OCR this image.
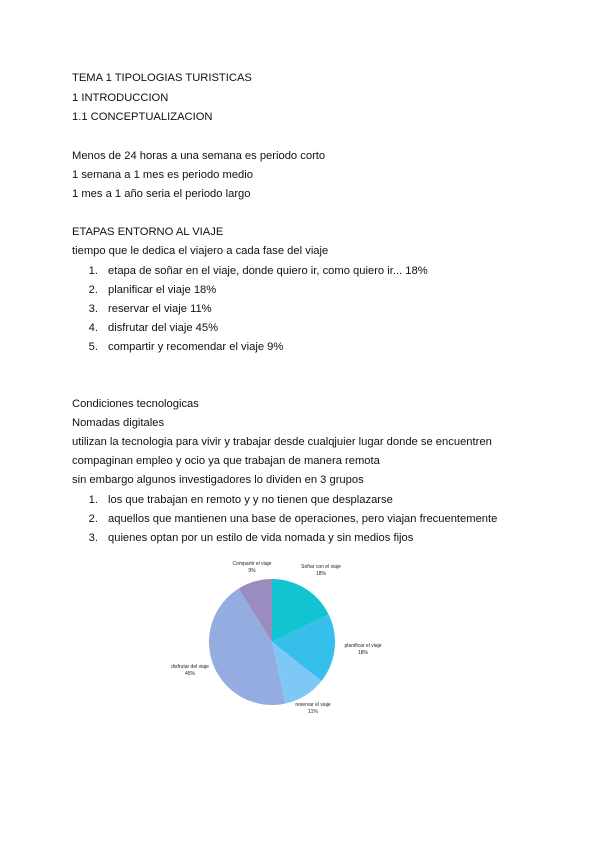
TEMA 1 TIPOLOGIAS TURISTICAS
1 INTRODUCCION
1.1 CONCEPTUALIZACION
Menos de 24 horas a una semana es periodo corto
1 semana a 1 mes es periodo medio
1 mes a 1 año seria el periodo largo
ETAPAS ENTORNO AL VIAJE
tiempo que le dedica el viajero a cada fase del viaje
1. etapa de soñar en el viaje, donde quiero ir, como quiero ir... 18%
2. planificar el viaje 18%
3. reservar el viaje 11%
4. disfrutar del viaje 45%
5. compartir y recomendar el viaje 9%
Condiciones tecnologicas
Nomadas digitales
utilizan la tecnologia para vivir y trabajar desde cualqjuier lugar donde se encuentren
compaginan empleo y ocio ya que trabajan de manera remota
sin embargo algunos investigadores lo dividen en 3 grupos
1. los que trabajan en remoto y y no tienen que desplazarse
2. aquellos que mantienen una base de operaciones, pero viajan frecuentemente
3. quienes optan por un estilo de vida nomada y sin medios fijos
Soñar con el viaje
18%
planificar el viaje
18%
reservar el viaje
11%
disfrutar del viaje
45%
Compartir el viaje
9%
